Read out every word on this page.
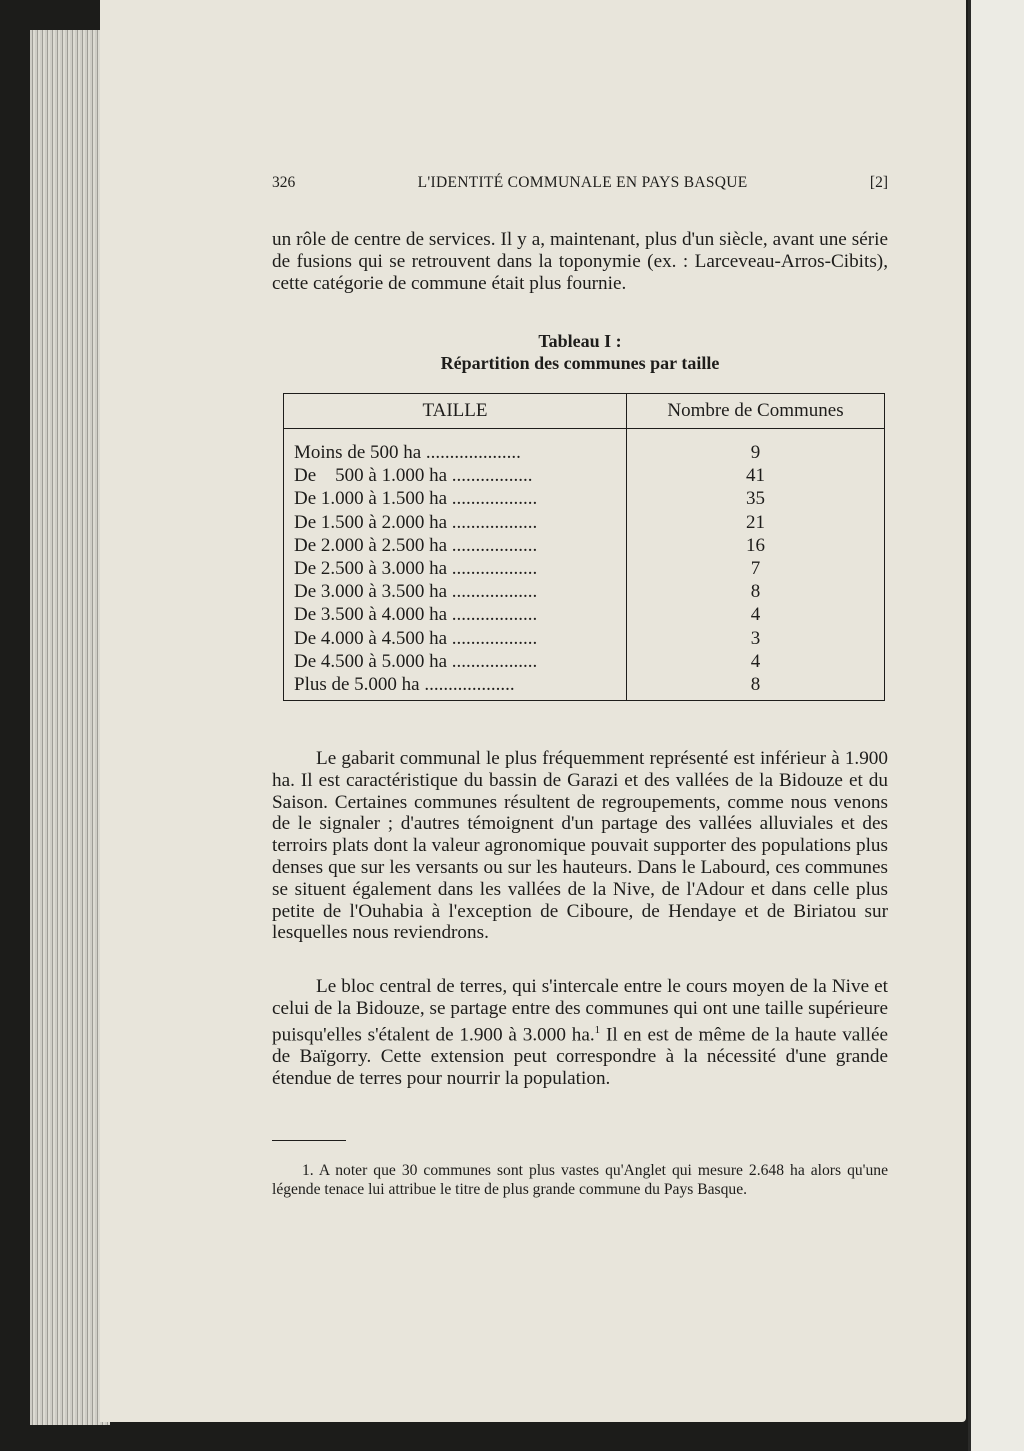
326	L'IDENTITÉ COMMUNALE EN PAYS BASQUE	[2]
un rôle de centre de services. Il y a, maintenant, plus d'un siècle, avant une série de fusions qui se retrouvent dans la toponymie (ex. : Larceveau-Arros-Cibits), cette catégorie de commune était plus fournie.
Tableau I :
Répartition des communes par taille
TAILLE	Nombre de Communes
Moins de 500 ha ....................	9
De    500 à 1.000 ha .................	41
De 1.000 à 1.500 ha ..................	35
De 1.500 à 2.000 ha ..................	21
De 2.000 à 2.500 ha ..................	16
De 2.500 à 3.000 ha ..................	7
De 3.000 à 3.500 ha ..................	8
De 3.500 à 4.000 ha ..................	4
De 4.000 à 4.500 ha ..................	3
De 4.500 à 5.000 ha ..................	4
Plus de 5.000 ha ...................	8
Le gabarit communal le plus fréquemment représenté est inférieur à 1.900 ha. Il est caractéristique du bassin de Garazi et des vallées de la Bidouze et du Saison. Certaines communes résultent de regroupements, comme nous venons de le signaler ; d'autres témoignent d'un partage des vallées alluviales et des terroirs plats dont la valeur agronomique pouvait supporter des populations plus denses que sur les versants ou sur les hauteurs. Dans le Labourd, ces communes se situent également dans les vallées de la Nive, de l'Adour et dans celle plus petite de l'Ouhabia à l'exception de Ciboure, de Hendaye et de Biriatou sur lesquelles nous reviendrons.
Le bloc central de terres, qui s'intercale entre le cours moyen de la Nive et celui de la Bidouze, se partage entre des communes qui ont une taille supérieure puisqu'elles s'étalent de 1.900 à 3.000 ha.$^1$ Il en est de même de la haute vallée de Baïgorry. Cette extension peut correspondre à la nécessité d'une grande étendue de terres pour nourrir la population.
1. A noter que 30 communes sont plus vastes qu'Anglet qui mesure 2.648 ha alors qu'une légende tenace lui attribue le titre de plus grande commune du Pays Basque.
